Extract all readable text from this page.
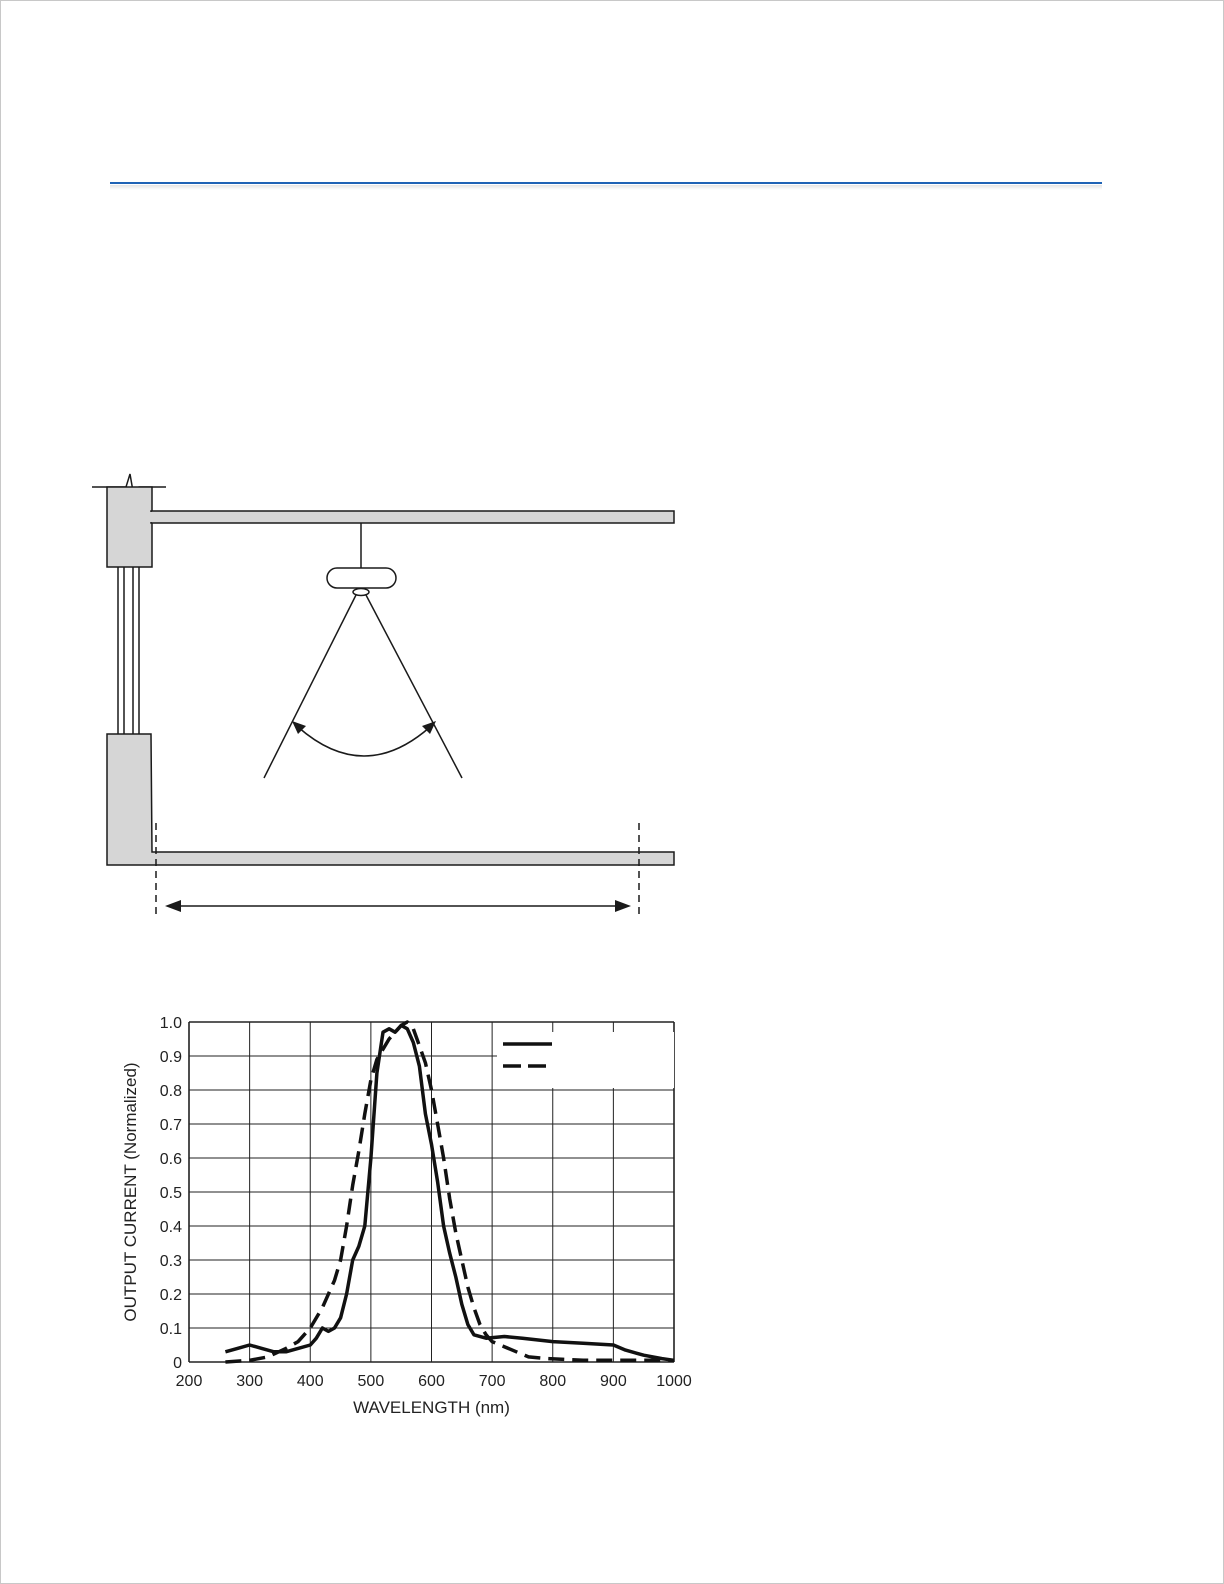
200 300 400 500 600 700 800 900 1000
0
0.1
0.2
0.3
0.4
0.5
0.6
0.7
0.8
0.9
1.0
WAVELENGTH (nm)
OUTPUT CURRENT (Normalized)
